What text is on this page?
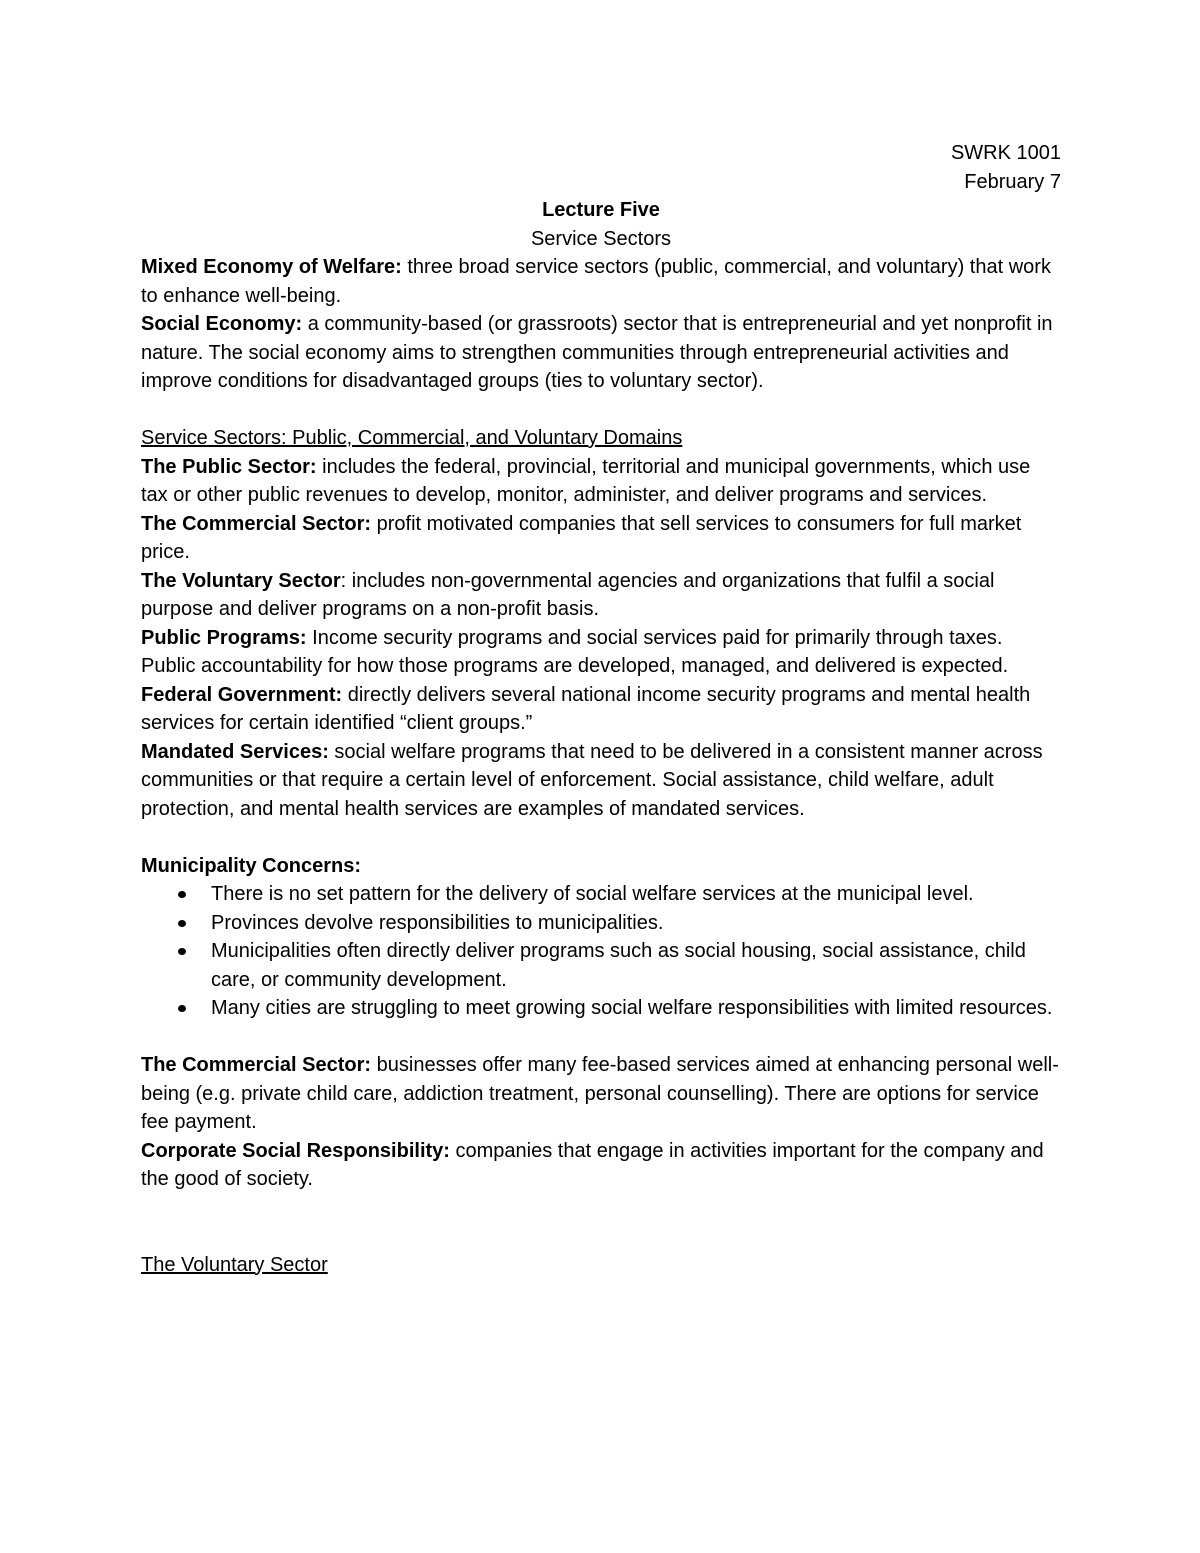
SWRK 1001

February 7

Lecture Five

Service Sectors

Mixed Economy of Welfare: three broad service sectors (public, commercial, and voluntary) that work to enhance well-being.

Social Economy: a community-based (or grassroots) sector that is entrepreneurial and yet nonprofit in nature. The social economy aims to strengthen communities through entrepreneurial activities and improve conditions for disadvantaged groups (ties to voluntary sector).

Service Sectors: Public, Commercial, and Voluntary Domains

The Public Sector: includes the federal, provincial, territorial and municipal governments, which use tax or other public revenues to develop, monitor, administer, and deliver programs and services.

The Commercial Sector: profit motivated companies that sell services to consumers for full market price.

The Voluntary Sector: includes non-governmental agencies and organizations that fulfil a social purpose and deliver programs on a non-profit basis.

Public Programs: Income security programs and social services paid for primarily through taxes. Public accountability for how those programs are developed, managed, and delivered is expected.

Federal Government: directly delivers several national income security programs and mental health services for certain identified “client groups.”

Mandated Services: social welfare programs that need to be delivered in a consistent manner across communities or that require a certain level of enforcement. Social assistance, child welfare, adult protection, and mental health services are examples of mandated services.

Municipality Concerns:

There is no set pattern for the delivery of social welfare services at the municipal level.
Provinces devolve responsibilities to municipalities.
Municipalities often directly deliver programs such as social housing, social assistance, child care, or community development.
Many cities are struggling to meet growing social welfare responsibilities with limited resources.

The Commercial Sector: businesses offer many fee-based services aimed at enhancing personal well-being (e.g. private child care, addiction treatment, personal counselling). There are options for service fee payment.

Corporate Social Responsibility: companies that engage in activities important for the company and the good of society.

The Voluntary Sector
